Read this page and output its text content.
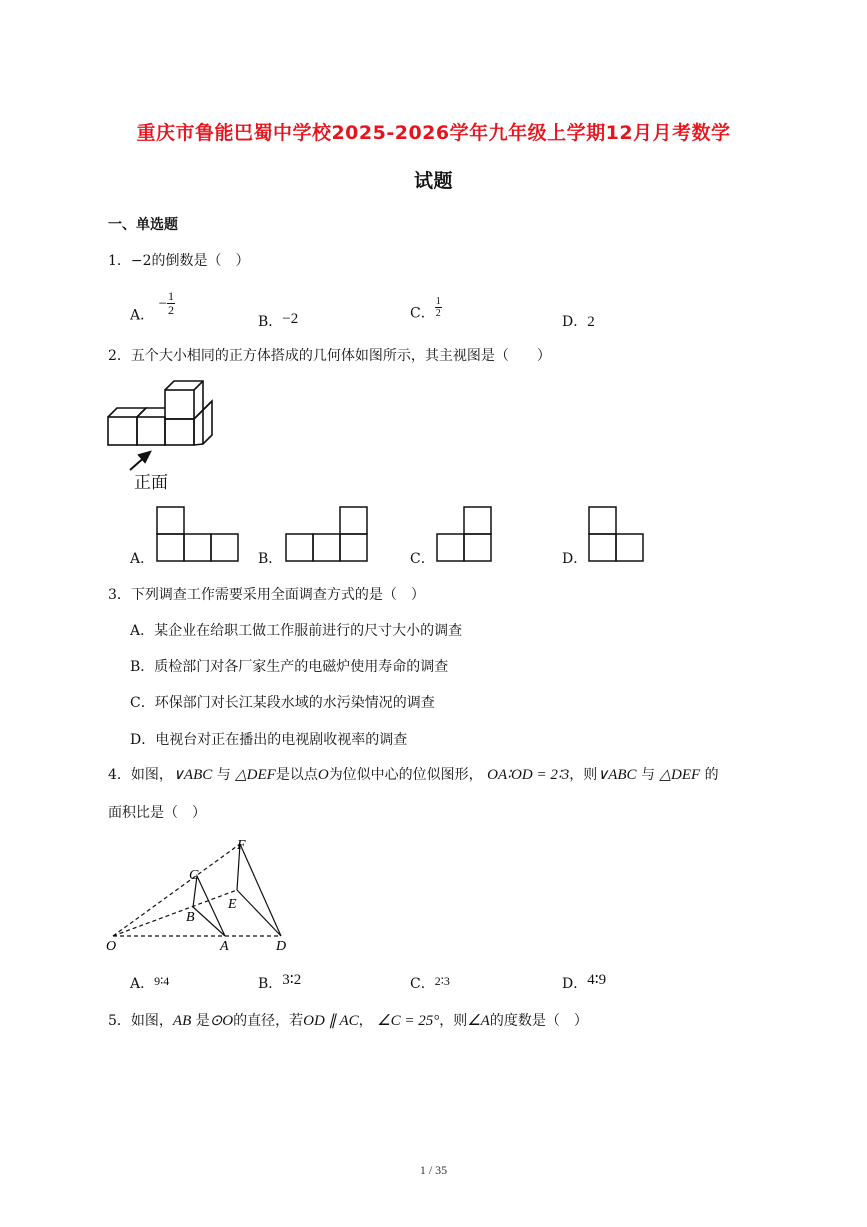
重庆市鲁能巴蜀中学校2025-2026学年九年级上学期12月月考数学
试题
一、单选题
1．−2的倒数是（　）
A． − $\frac{1}{2}$
B．−2	C． $\frac{1}{2}$
D．2
2．五个大小相同的正方体搭成的几何体如图所示，其主视图是（　　）
正面
A．	B．	C．	D．
3．下列调查工作需要采用全面调查方式的是（　）
A．某企业在给职工做工作服前进行的尺寸大小的调查
B．质检部门对各厂家生产的电磁炉使用寿命的调查
C．环保部门对长江某段水域的水污染情况的调查
D．电视台对正在播出的电视剧收视率的调查
4．如图，∨ABC 与 △DEF是以点O为位似中心的位似图形， OA∶OD = 2∶3，则∨ABC 与 △DEF 的
面积比是（　）
F
C
E
B
O	A	D
A．9∶4	B．3∶2	C．2∶3	D．4∶9
5．如图，AB 是⊙O的直径，若OD ∥ AC， ∠C = 25°，则∠A的度数是（　）
1 / 35
